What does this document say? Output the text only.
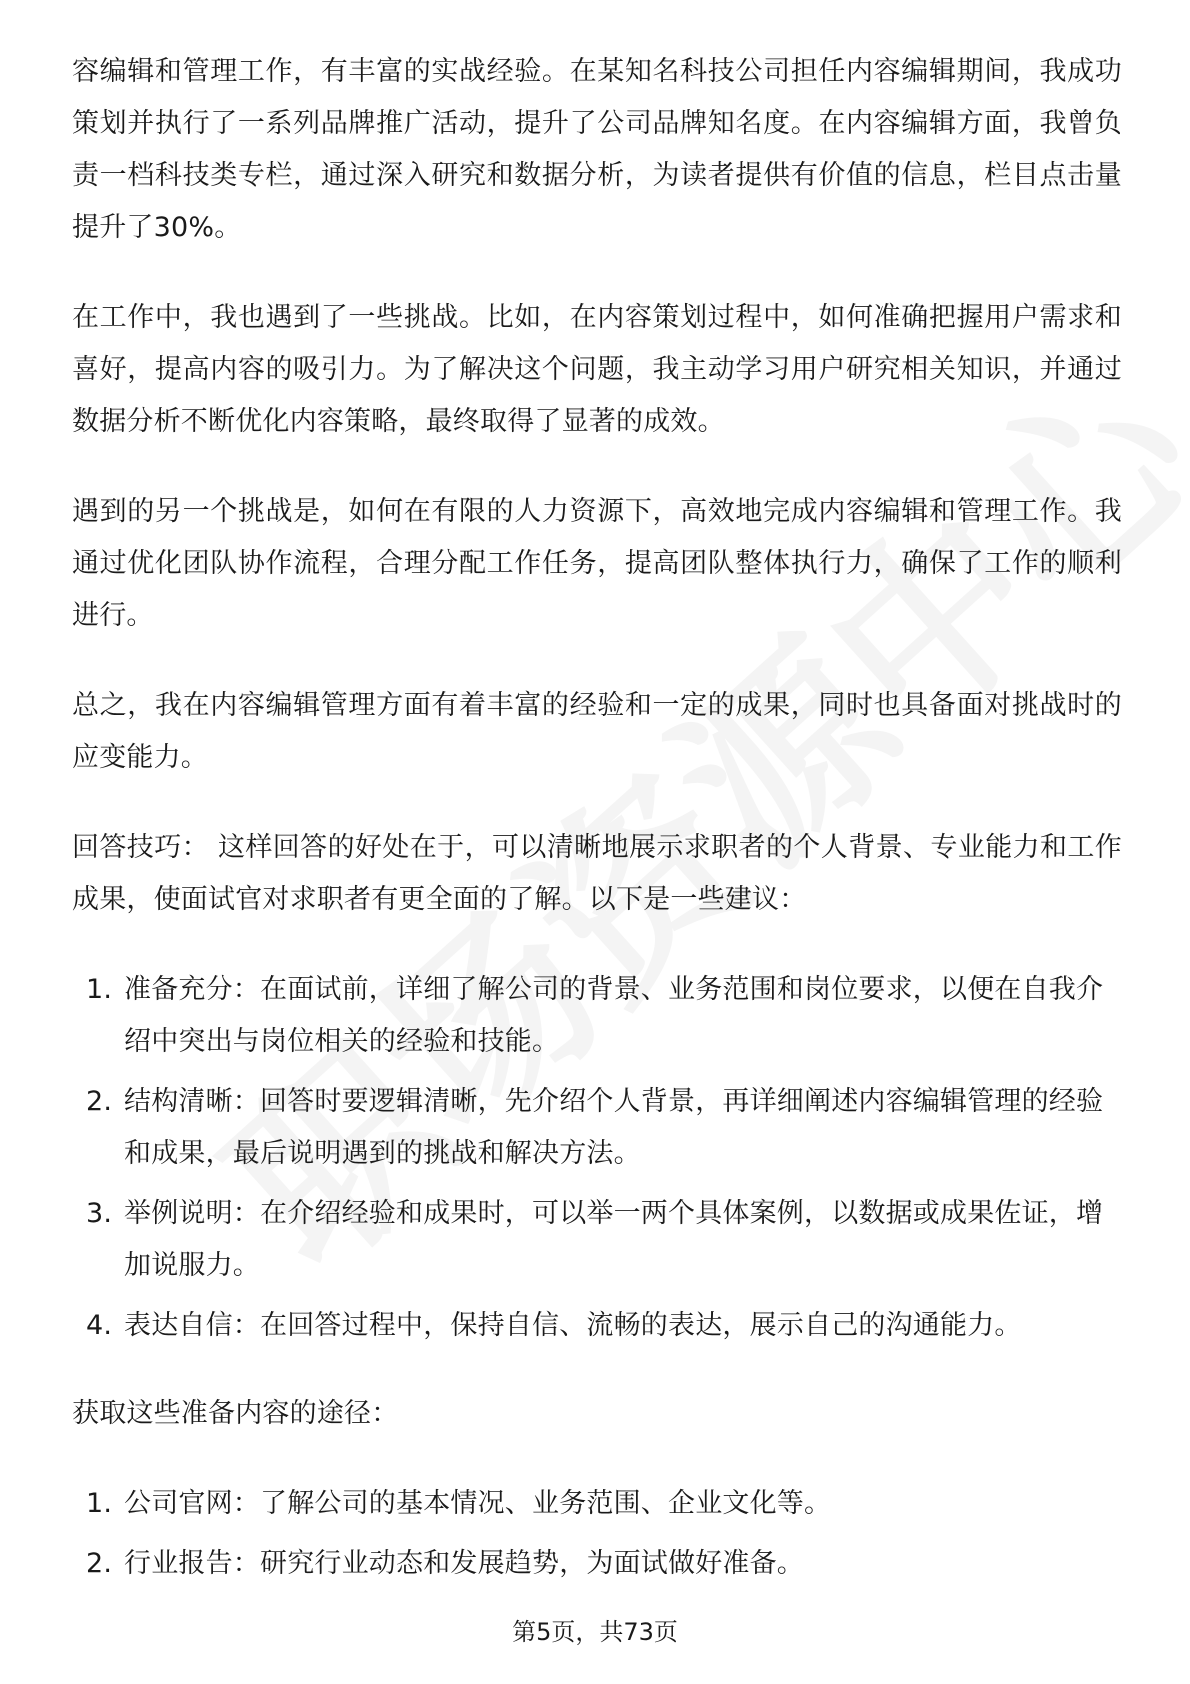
容编辑和管理工作，有丰富的实战经验。在某知名科技公司担任内容编辑期间，我成功策划并执行了一系列品牌推广活动，提升了公司品牌知名度。在内容编辑方面，我曾负责一档科技类专栏，通过深入研究和数据分析，为读者提供有价值的信息，栏目点击量提升了30%。

在工作中，我也遇到了一些挑战。比如，在内容策划过程中，如何准确把握用户需求和喜好，提高内容的吸引力。为了解决这个问题，我主动学习用户研究相关知识，并通过数据分析不断优化内容策略，最终取得了显著的成效。

遇到的另一个挑战是，如何在有限的人力资源下，高效地完成内容编辑和管理工作。我通过优化团队协作流程，合理分配工作任务，提高团队整体执行力，确保了工作的顺利进行。

总之，我在内容编辑管理方面有着丰富的经验和一定的成果，同时也具备面对挑战时的应变能力。

回答技巧： 这样回答的好处在于，可以清晰地展示求职者的个人背景、专业能力和工作成果，使面试官对求职者有更全面的了解。以下是一些建议：

1. 准备充分：在面试前，详细了解公司的背景、业务范围和岗位要求，以便在自我介绍中突出与岗位相关的经验和技能。
2. 结构清晰：回答时要逻辑清晰，先介绍个人背景，再详细阐述内容编辑管理的经验和成果，最后说明遇到的挑战和解决方法。
3. 举例说明：在介绍经验和成果时，可以举一两个具体案例，以数据或成果佐证，增加说服力。
4. 表达自信：在回答过程中，保持自信、流畅的表达，展示自己的沟通能力。

获取这些准备内容的途径：

1. 公司官网：了解公司的基本情况、业务范围、企业文化等。
2. 行业报告：研究行业动态和发展趋势，为面试做好准备。
第5页，共73页
